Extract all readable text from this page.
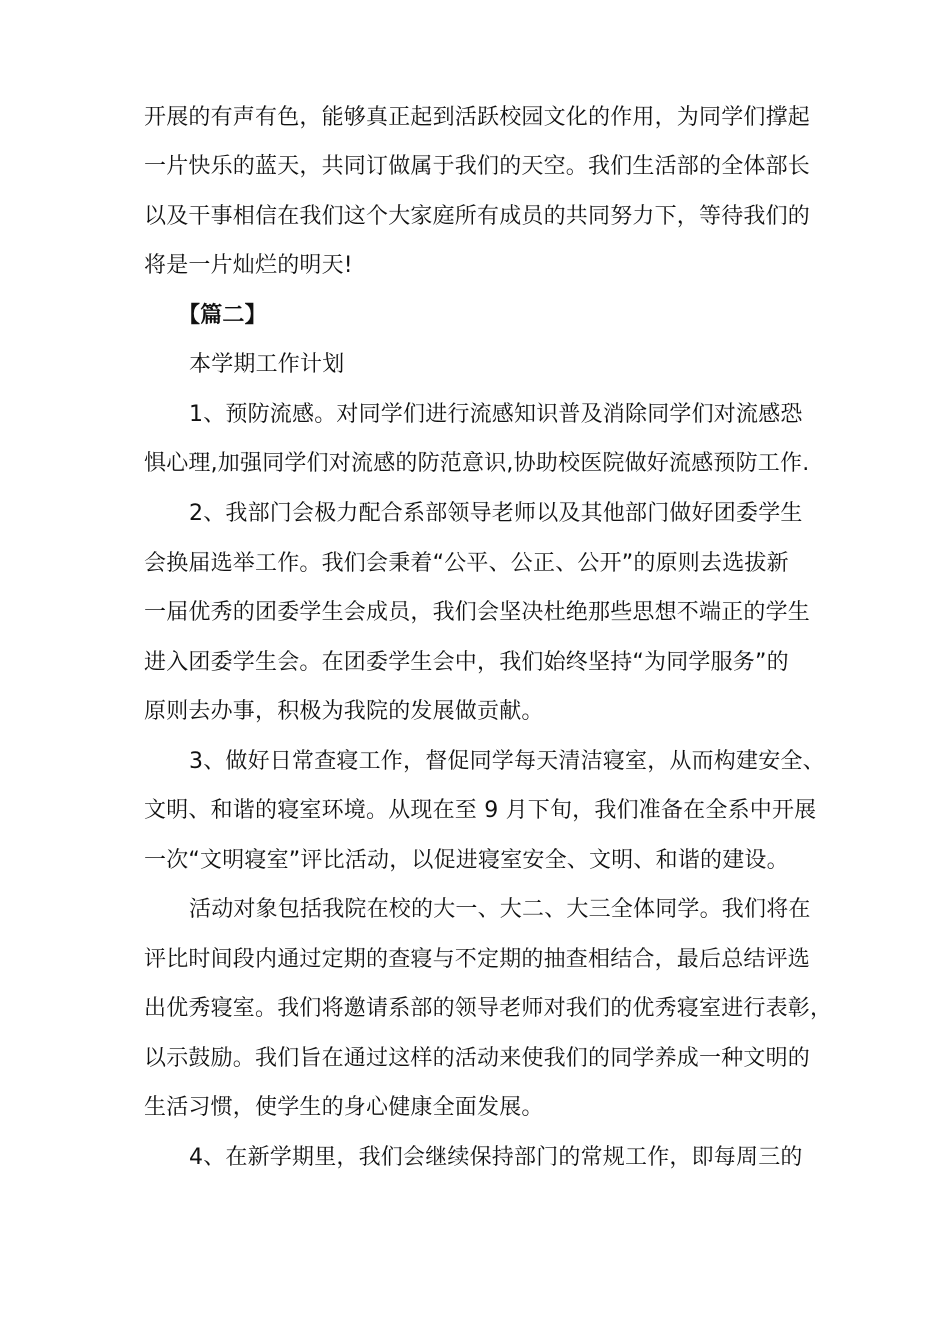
开展的有声有色，能够真正起到活跃校园文化的作用，为同学们撑起
一片快乐的蓝天，共同订做属于我们的天空。我们生活部的全体部长
以及干事相信在我们这个大家庭所有成员的共同努力下，等待我们的
将是一片灿烂的明天!
【篇二】
本学期工作计划
1、预防流感。对同学们进行流感知识普及消除同学们对流感恐
惧心理,加强同学们对流感的防范意识,协助校医院做好流感预防工作.
2、我部门会极力配合系部领导老师以及其他部门做好团委学生
会换届选举工作。我们会秉着“公平、公正、公开”的原则去选拔新
一届优秀的团委学生会成员，我们会坚决杜绝那些思想不端正的学生
进入团委学生会。在团委学生会中，我们始终坚持“为同学服务”的
原则去办事，积极为我院的发展做贡献。
3、做好日常查寝工作，督促同学每天清洁寝室，从而构建安全、
文明、和谐的寝室环境。从现在至 9 月下旬，我们准备在全系中开展
一次“文明寝室”评比活动，以促进寝室安全、文明、和谐的建设。
活动对象包括我院在校的大一、大二、大三全体同学。我们将在
评比时间段内通过定期的查寝与不定期的抽查相结合，最后总结评选
出优秀寝室。我们将邀请系部的领导老师对我们的优秀寝室进行表彰，
以示鼓励。我们旨在通过这样的活动来使我们的同学养成一种文明的
生活习惯，使学生的身心健康全面发展。
4、在新学期里，我们会继续保持部门的常规工作，即每周三的
